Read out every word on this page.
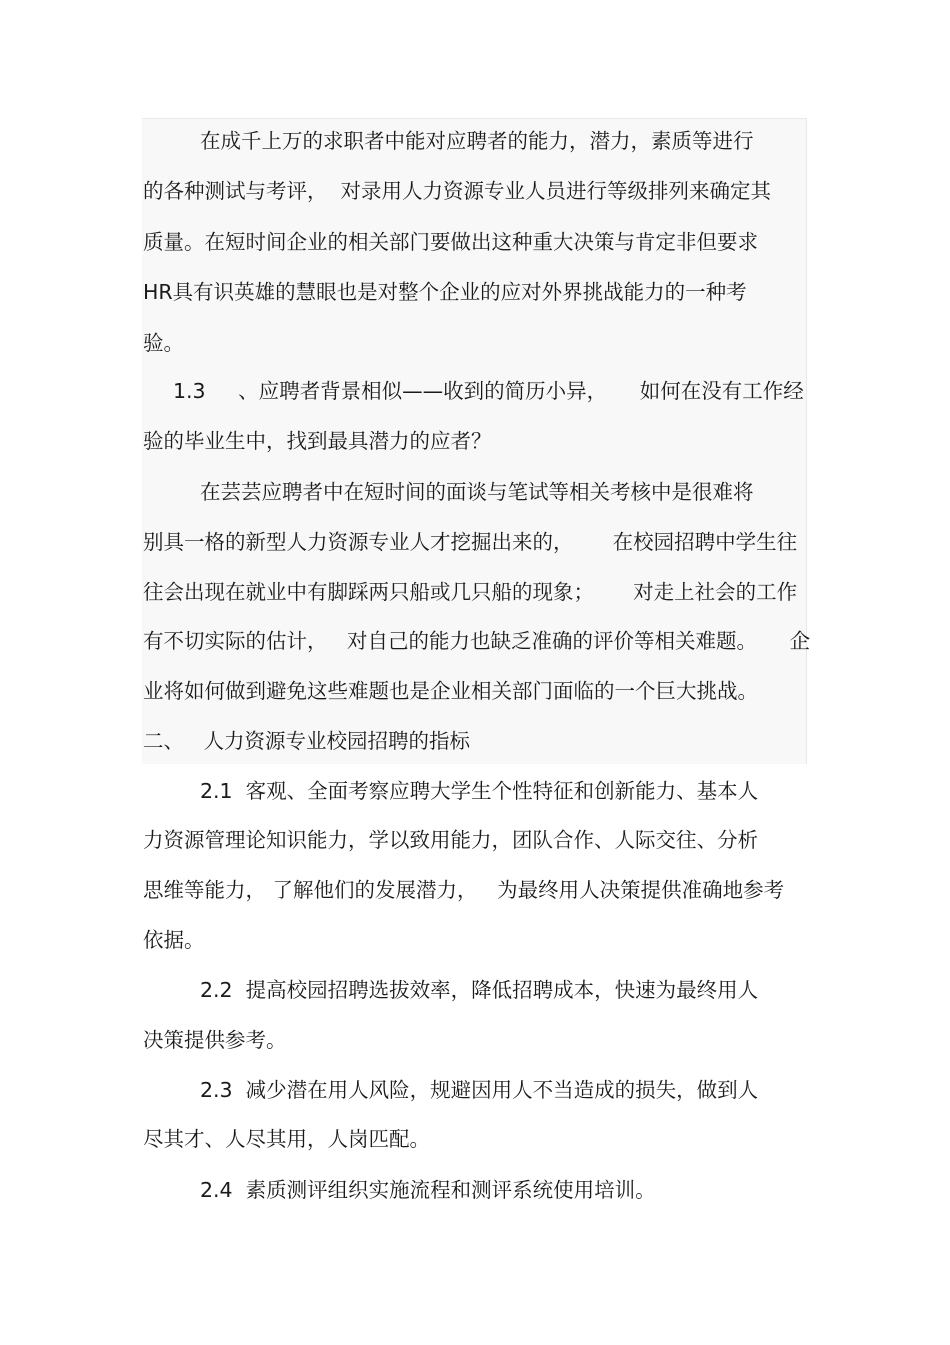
在成千上万的求职者中能对应聘者的能力，潜力，素质等进行

的各种测试与考评，  对录用人力资源专业人员进行等级排列来确定其

质量。在短时间企业的相关部门要做出这种重大决策与肯定非但要求

HR具有识英雄的慧眼也是对整个企业的应对外界挑战能力的一种考

验。

1.3     、应聘者背景相似——收到的简历小异，     如何在没有工作经

验的毕业生中，找到最具潜力的应者？

在芸芸应聘者中在短时间的面谈与笔试等相关考核中是很难将

别具一格的新型人力资源专业人才挖掘出来的，      在校园招聘中学生往

往会出现在就业中有脚踩两只船或几只船的现象；      对走上社会的工作

有不切实际的估计，   对自己的能力也缺乏准确的评价等相关难题。     企

业将如何做到避免这些难题也是企业相关部门面临的一个巨大挑战。

二、   人力资源专业校园招聘的指标

2.1  客观、全面考察应聘大学生个性特征和创新能力、基本人

力资源管理论知识能力，学以致用能力，团队合作、人际交往、分析

思维等能力， 了解他们的发展潜力，   为最终用人决策提供准确地参考

依据。

2.2  提高校园招聘选拔效率，降低招聘成本，快速为最终用人

决策提供参考。

2.3  减少潜在用人风险，规避因用人不当造成的损失，做到人

尽其才、人尽其用，人岗匹配。

2.4  素质测评组织实施流程和测评系统使用培训。
